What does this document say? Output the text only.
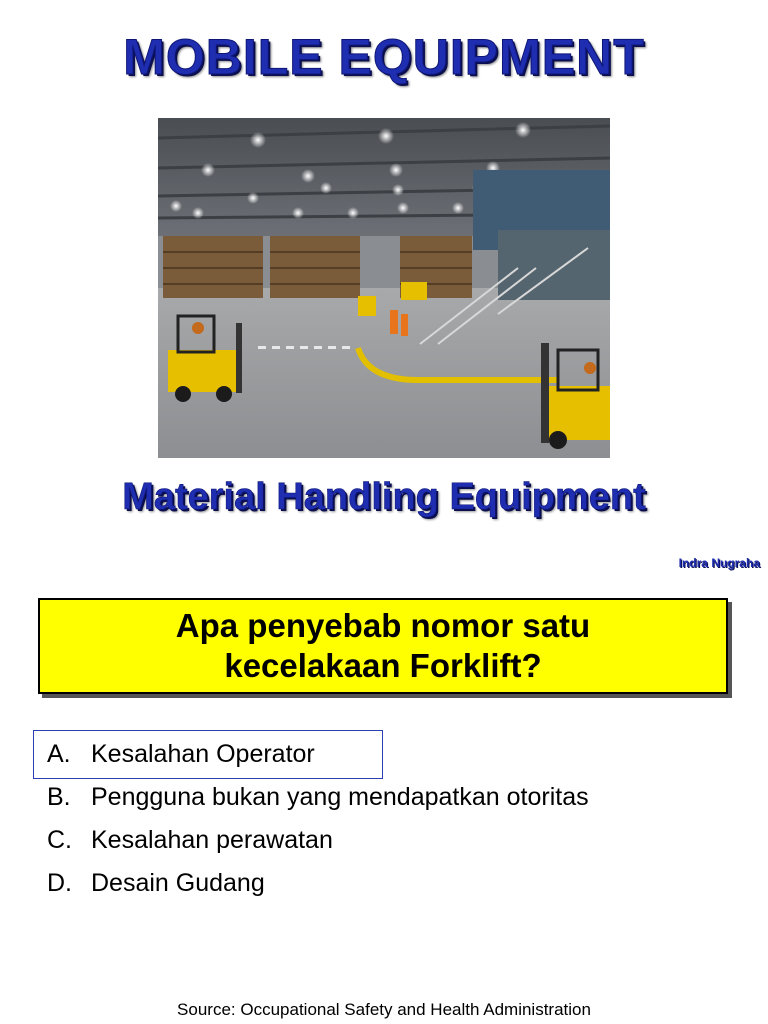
MOBILE EQUIPMENT
Material Handling Equipment
Indra Nugraha
Apa penyebab nomor satu
kecelakaan Forklift?
A. Kesalahan Operator
B. Pengguna bukan yang mendapatkan otoritas
C. Kesalahan perawatan
D. Desain Gudang
Source: Occupational Safety and Health Administration
